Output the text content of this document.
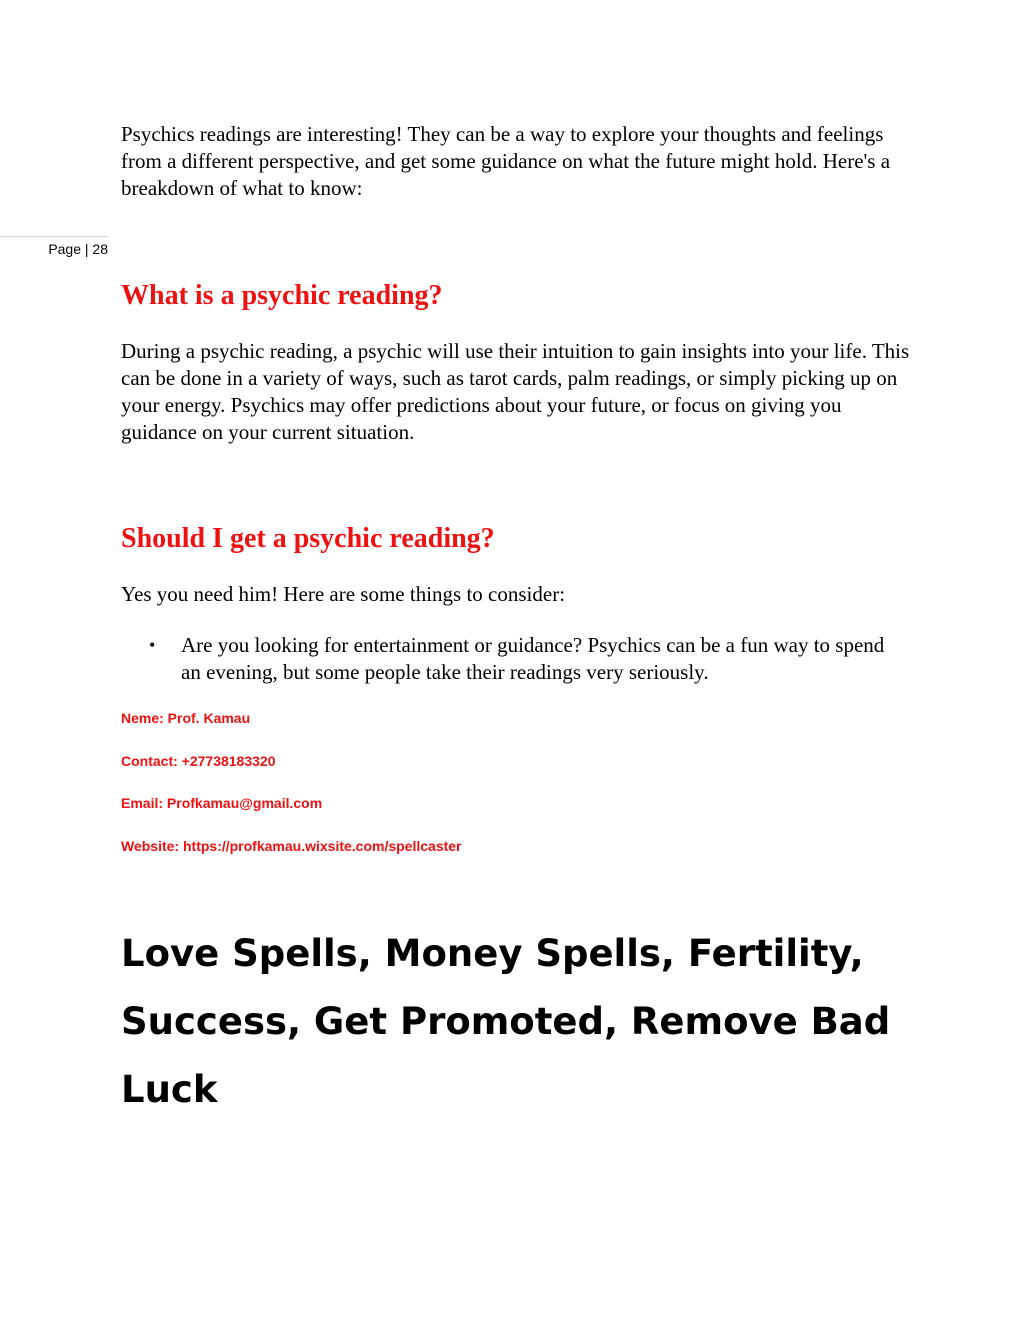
Psychics readings are interesting! They can be a way to explore your thoughts and feelings from a different perspective, and get some guidance on what the future might hold. Here's a breakdown of what to know:

Page | 28
What is a psychic reading?

During a psychic reading, a psychic will use their intuition to gain insights into your life. This can be done in a variety of ways, such as tarot cards, palm readings, or simply picking up on your energy. Psychics may offer predictions about your future, or focus on giving you guidance on your current situation.

Should I get a psychic reading?

Yes you need him! Here are some things to consider:

• Are you looking for entertainment or guidance? Psychics can be a fun way to spend an evening, but some people take their readings very seriously.

Neme: Prof. Kamau

Contact: +27738183320

Email: Profkamau@gmail.com

Website: https://profkamau.wixsite.com/spellcaster

Love Spells, Money Spells, Fertility, Success, Get Promoted, Remove Bad Luck
